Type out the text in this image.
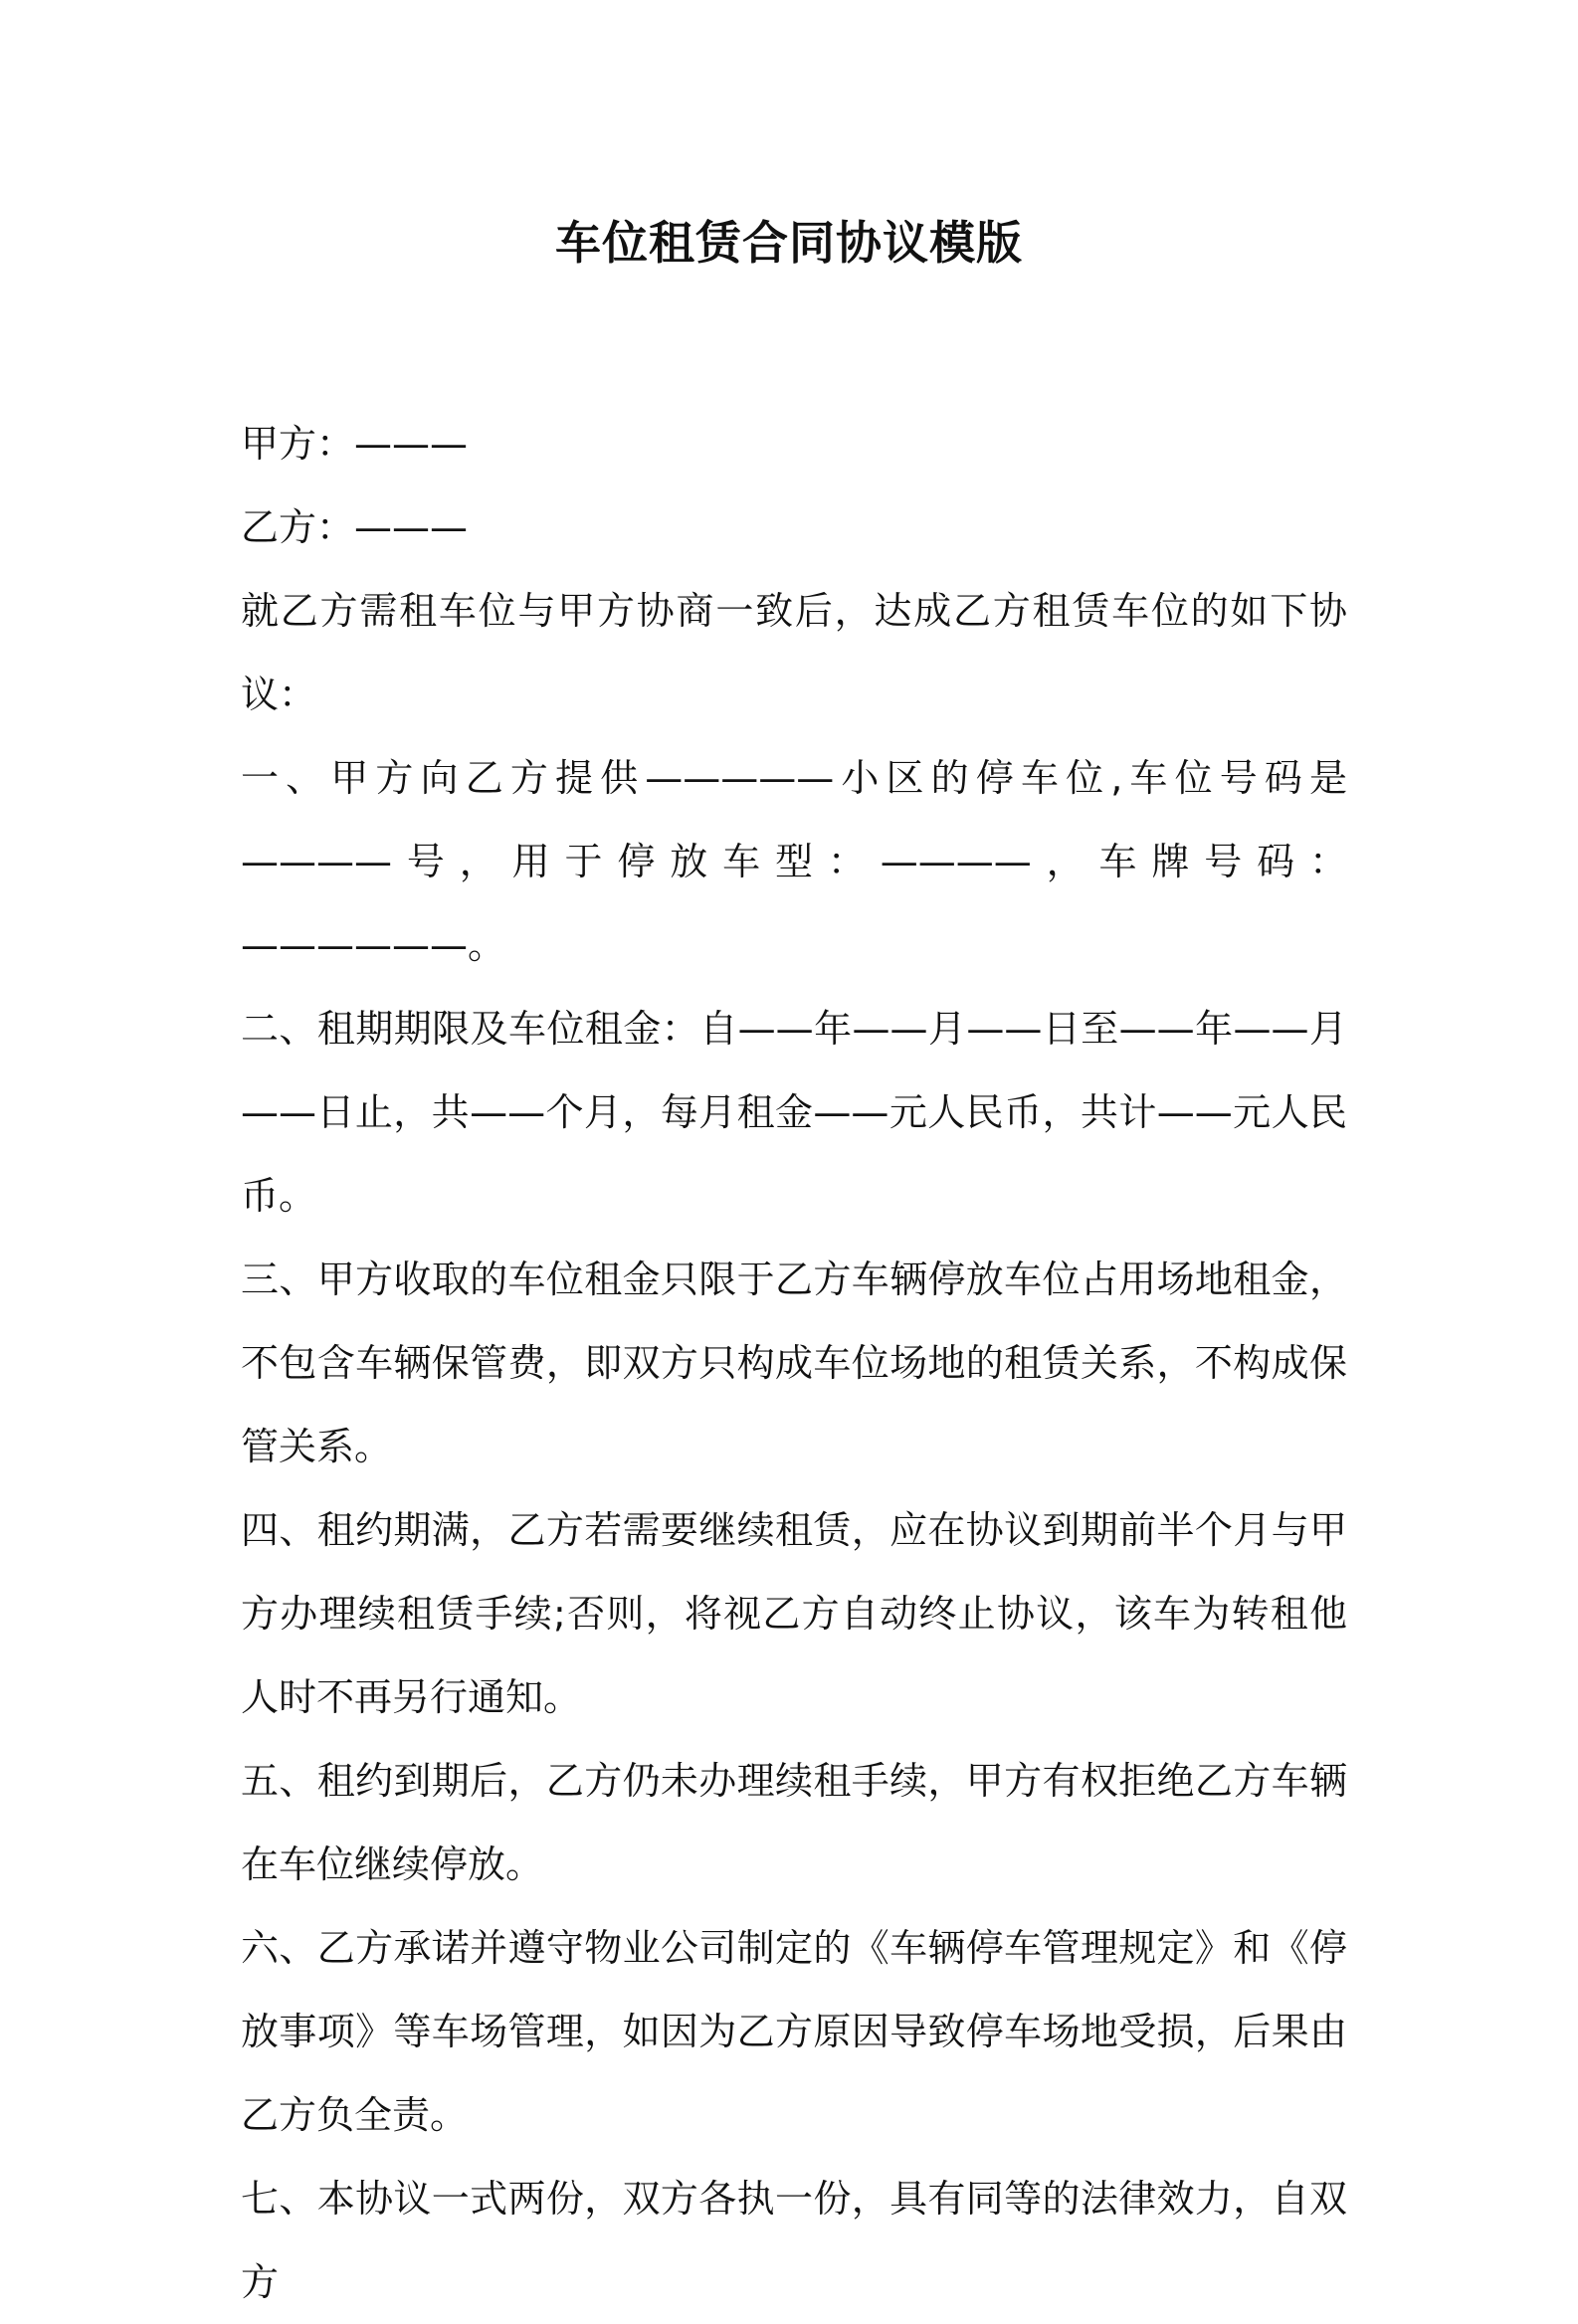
车位租赁合同协议模版

甲方：———

乙方：———

就乙方需租车位与甲方协商一致后，达成乙方租赁车位的如下协议：

一、甲方向乙方提供—————小区的停车位,车位号码是————号，用于停放车型：————，车牌号码：——————。

二、租期期限及车位租金：自——年——月——日至——年——月——日止，共——个月，每月租金——元人民币，共计——元人民币。

三、甲方收取的车位租金只限于乙方车辆停放车位占用场地租金，不包含车辆保管费，即双方只构成车位场地的租赁关系，不构成保管关系。

四、租约期满，乙方若需要继续租赁，应在协议到期前半个月与甲方办理续租赁手续;否则，将视乙方自动终止协议，该车为转租他人时不再另行通知。

五、租约到期后，乙方仍未办理续租手续，甲方有权拒绝乙方车辆在车位继续停放。

六、乙方承诺并遵守物业公司制定的《车辆停车管理规定》和《停放事项》等车场管理，如因为乙方原因导致停车场地受损，后果由乙方负全责。

七、本协议一式两份，双方各执一份，具有同等的法律效力，自双方
